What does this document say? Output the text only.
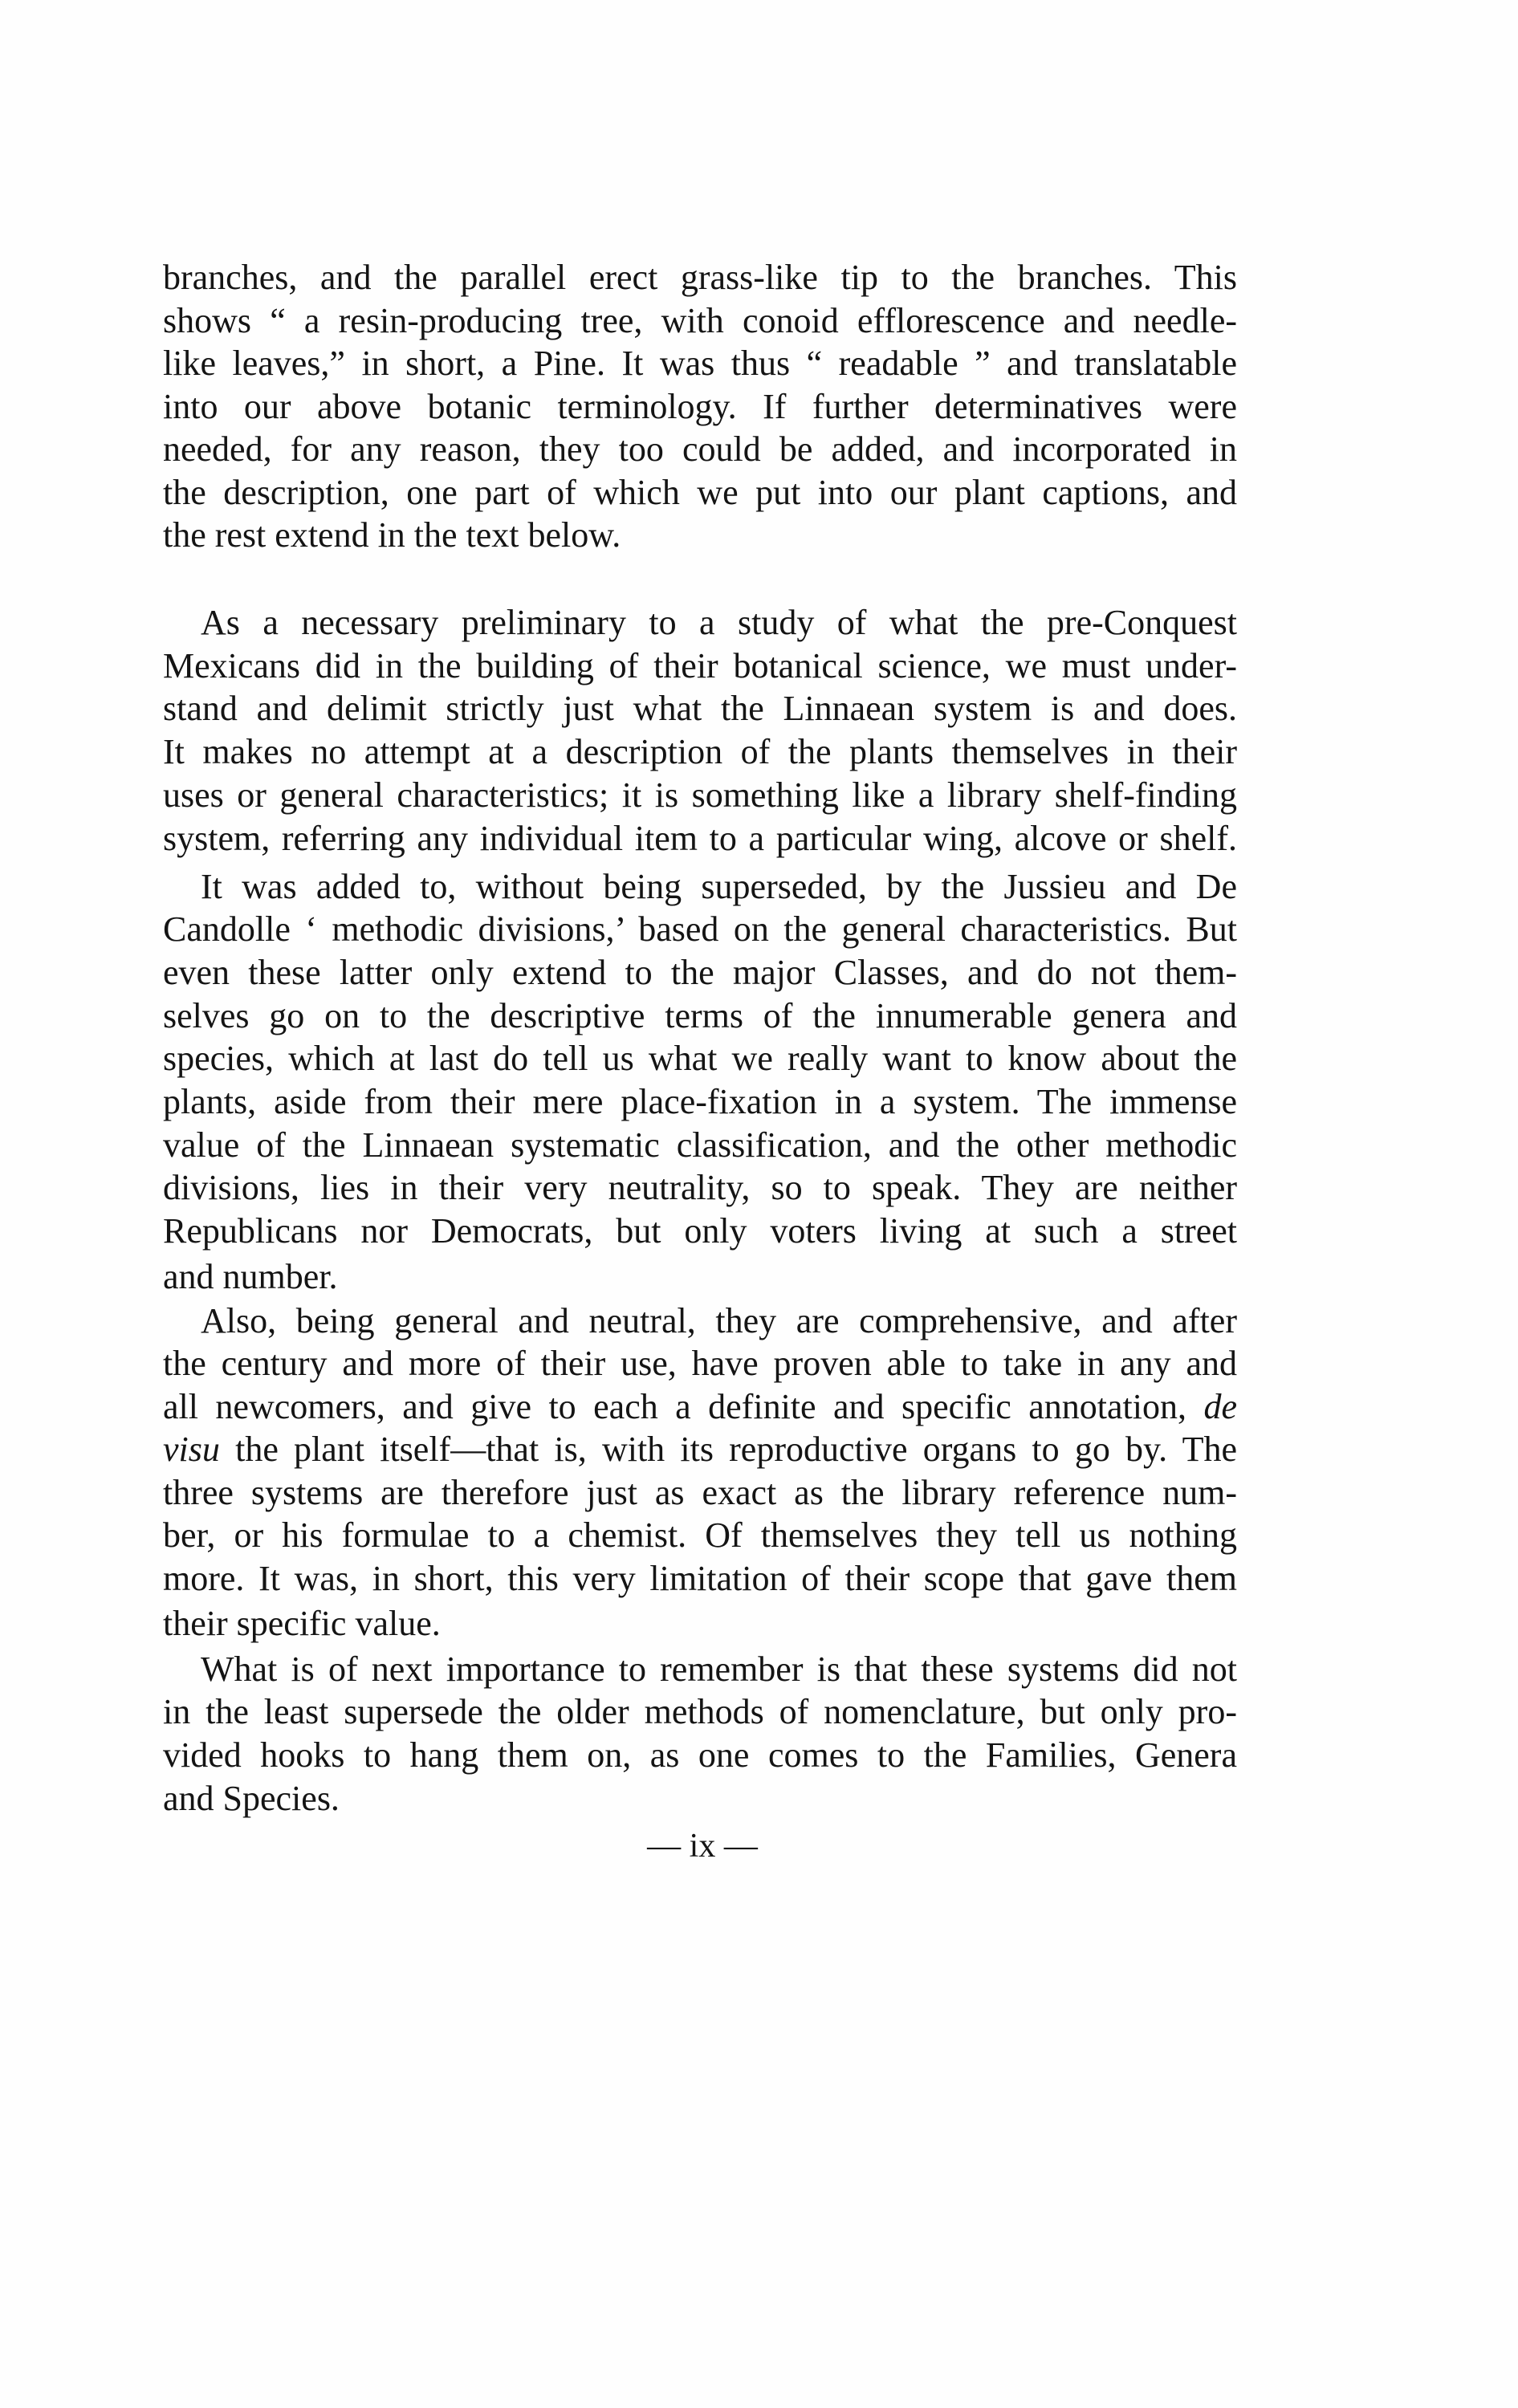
branches, and the parallel erect grass-like tip to the branches. This
shows “ a resin-producing tree, with conoid efflorescence and needle-
like leaves,” in short, a Pine. It was thus “ readable ” and translatable
into our above botanic terminology. If further determinatives were
needed, for any reason, they too could be added, and incorporated in
the description, one part of which we put into our plant captions, and
the rest extend in the text below.
As a necessary preliminary to a study of what the pre-Conquest
Mexicans did in the building of their botanical science, we must under-
stand and delimit strictly just what the Linnaean system is and does.
It makes no attempt at a description of the plants themselves in their
uses or general characteristics; it is something like a library shelf-finding
system, referring any individual item to a particular wing, alcove or shelf.
It was added to, without being superseded, by the Jussieu and De
Candolle ‘ methodic divisions,’ based on the general characteristics. But
even these latter only extend to the major Classes, and do not them-
selves go on to the descriptive terms of the innumerable genera and
species, which at last do tell us what we really want to know about the
plants, aside from their mere place-fixation in a system. The immense
value of the Linnaean systematic classification, and the other methodic
divisions, lies in their very neutrality, so to speak. They are neither
Republicans nor Democrats, but only voters living at such a street
and number.
Also, being general and neutral, they are comprehensive, and after
the century and more of their use, have proven able to take in any and
all newcomers, and give to each a definite and specific annotation, de
visu the plant itself—that is, with its reproductive organs to go by. The
three systems are therefore just as exact as the library reference num-
ber, or his formulae to a chemist. Of themselves they tell us nothing
more. It was, in short, this very limitation of their scope that gave them
their specific value.
What is of next importance to remember is that these systems did not
in the least supersede the older methods of nomenclature, but only pro-
vided hooks to hang them on, as one comes to the Families, Genera
and Species.
— ix —
